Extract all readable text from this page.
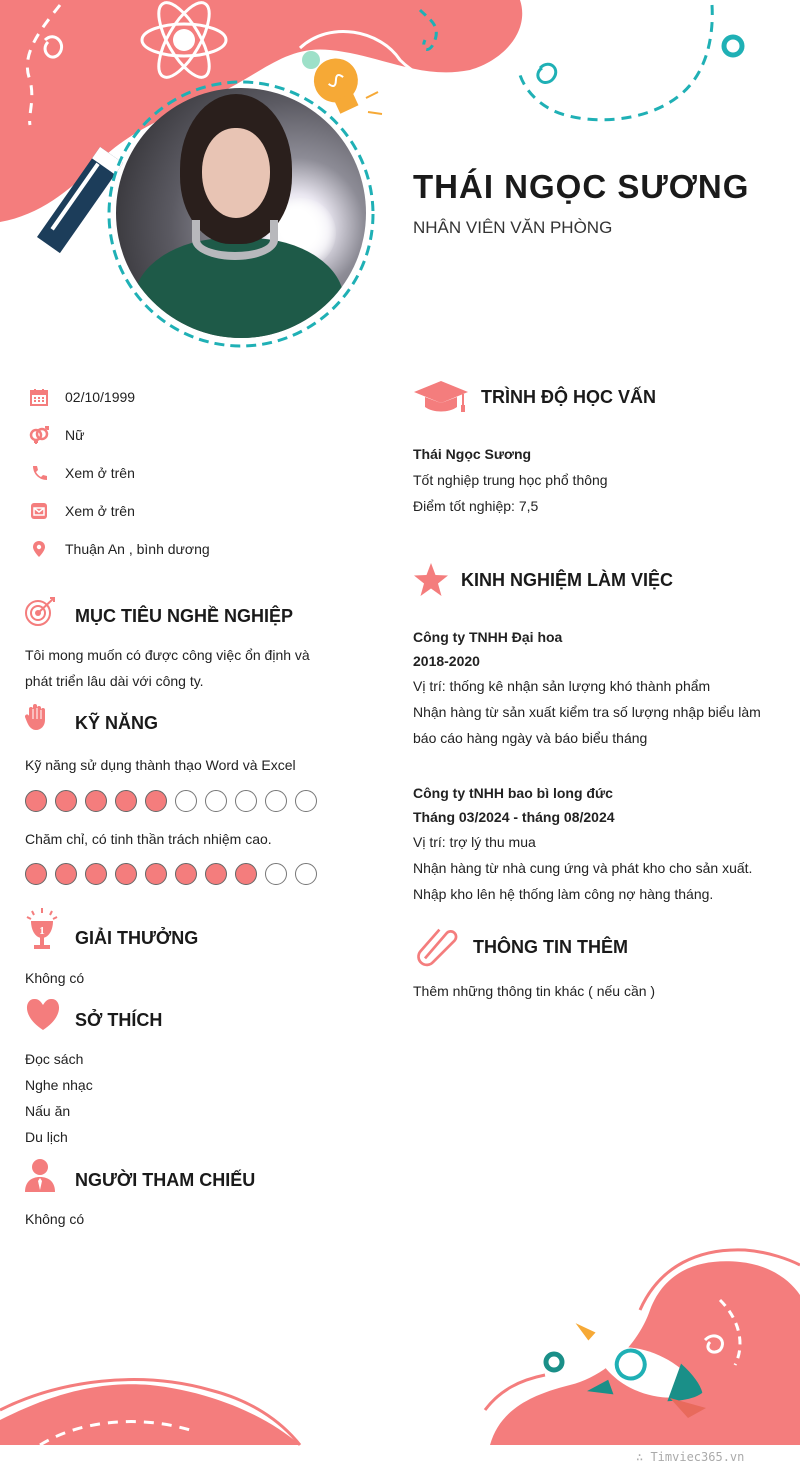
THÁI NGỌC SƯƠNG
NHÂN VIÊN VĂN PHÒNG
02/10/1999
Nữ
Xem ở trên
Xem ở trên
Thuận An , bình dương
MỤC TIÊU NGHỀ NGHIỆP
Tôi mong muốn có được công việc ổn định và
phát triển lâu dài với công ty.
KỸ NĂNG
Kỹ năng sử dụng thành thạo Word và Excel
Chăm chỉ, có tinh thần trách nhiệm cao.
1 GIẢI THƯỞNG
Không có
SỞ THÍCH
Đọc sách
Nghe nhạc
Nấu ăn
Du lịch
NGƯỜI THAM CHIẾU
Không có
TRÌNH ĐỘ HỌC VẤN
Thái Ngọc Sương
Tốt nghiệp trung học phổ thông
Điểm tốt nghiệp: 7,5
KINH NGHIỆM LÀM VIỆC
Công ty TNHH Đại hoa
2018-2020
Vị trí: thống kê nhận sản lượng khó thành phẩm
Nhận hàng từ sản xuất kiểm tra số lượng nhập biểu làm
báo cáo hàng ngày và báo biểu tháng
Công ty tNHH bao bì long đức
Tháng 03/2024 - tháng 08/2024
Vị trí: trợ lý thu mua
Nhận hàng từ nhà cung ứng và phát kho cho sản xuất.
Nhập kho lên hệ thống làm công nợ hàng tháng.
THÔNG TIN THÊM
Thêm những thông tin khác ( nếu cần )
∴ Timviec365.vn
